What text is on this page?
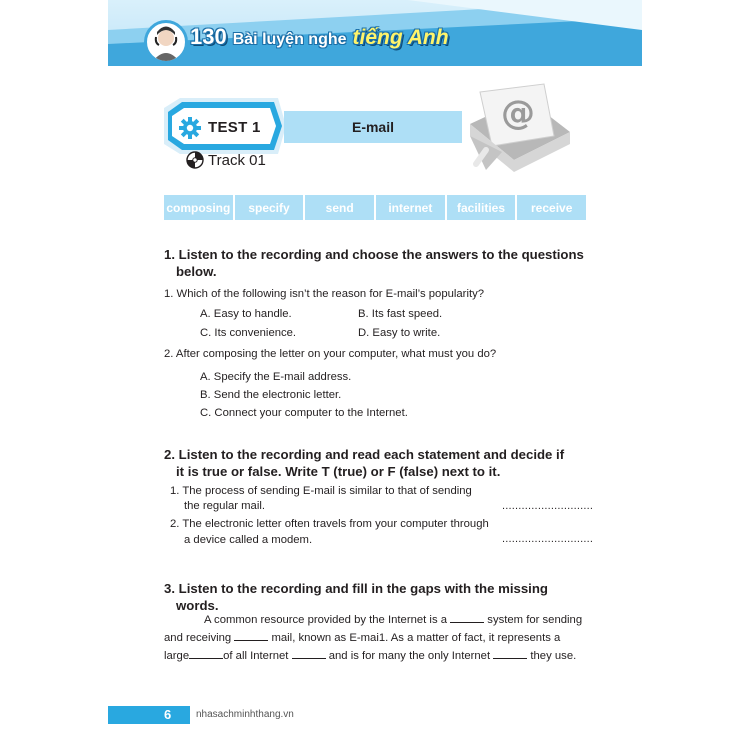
130 Bài luyện nghe tiếng Anh
TEST 1	E-mail
Track 01
@
composing	specify	send	internet	facilities	receive
1. Listen to the recording and choose the answers to the questions
below.
1. Which of the following isn’t the reason for E-mail’s popularity?
A. Easy to handle.	B. Its fast speed.
C. Its convenience.	D. Easy to write.
2. After composing the letter on your computer, what must you do?
A. Specify the E-mail address.
B. Send the electronic letter.
C. Connect your computer to the Internet.
2. Listen to the recording and read each statement and decide if
it is true or false. Write T (true) or F (false) next to it.
1. The process of sending E-mail is similar to that of sending
the regular mail.	............................
2. The electronic letter often travels from your computer through
a device called a modem.	............................
3. Listen to the recording and fill in the gaps with the missing
words.
A common resource provided by the Internet is a	system for sending
and receiving	mail, known as E-mai1. As a matter of fact, it represents a
large	of all Internet	and is for many the only Internet	they use.
6 nhasachminhthang.vn
